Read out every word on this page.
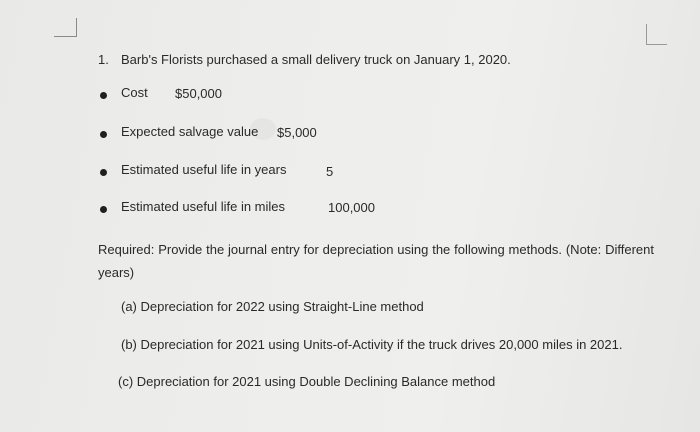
1. Barb's Florists purchased a small delivery truck on January 1, 2020.
Cost $50,000
Expected salvage value $5,000
Estimated useful life in years	5
Estimated useful life in miles	100,000
Required: Provide the journal entry for depreciation using the following methods. (Note: Different years)
(a) Depreciation for 2022 using Straight-Line method
(b) Depreciation for 2021 using Units-of-Activity if the truck drives 20,000 miles in 2021.
(c) Depreciation for 2021 using Double Declining Balance method
